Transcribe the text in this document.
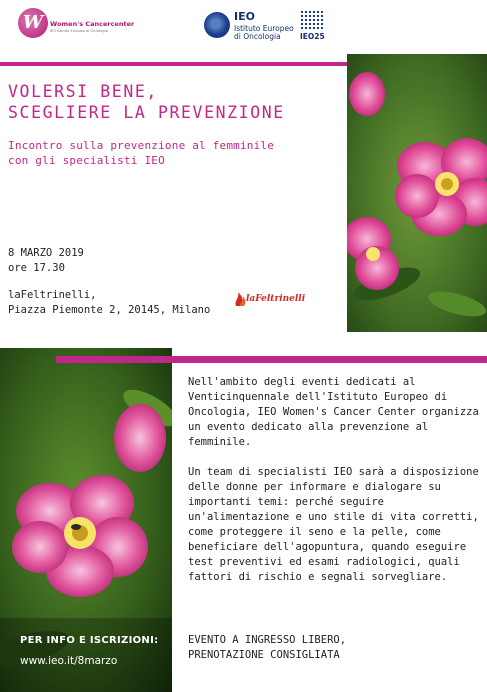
W	Women's Cancercenter
IEO Istituto Europeo di Oncologia
IEO
Istituto Europeo
di Oncologia	IEO25
VOLERSI BENE,
SCEGLIERE LA PREVENZIONE
Incontro sulla prevenzione al femminile
con gli specialisti IEO
8 MARZO 2019
ore 17.30
laFeltrinelli,
Piazza Piemonte 2, 20145, Milano
laFeltrinelli
PER INFO E ISCRIZIONI:
www.ieo.it/8marzo

Nell'ambito degli eventi dedicati al Venticinquennale dell'Istituto Europeo di Oncologia, IEO Women's Cancer Center organizza un evento dedicato alla prevenzione al femminile.

Un team di specialisti IEO sarà a disposizione delle donne per informare e dialogare su importanti temi: perché seguire un'alimentazione e uno stile di vita corretti, come proteggere il seno e la pelle, come beneficiare dell'agopuntura, quando eseguire test preventivi ed esami radiologici, quali fattori di rischio e segnali sorvegliare.

EVENTO A INGRESSO LIBERO,
PRENOTAZIONE CONSIGLIATA
